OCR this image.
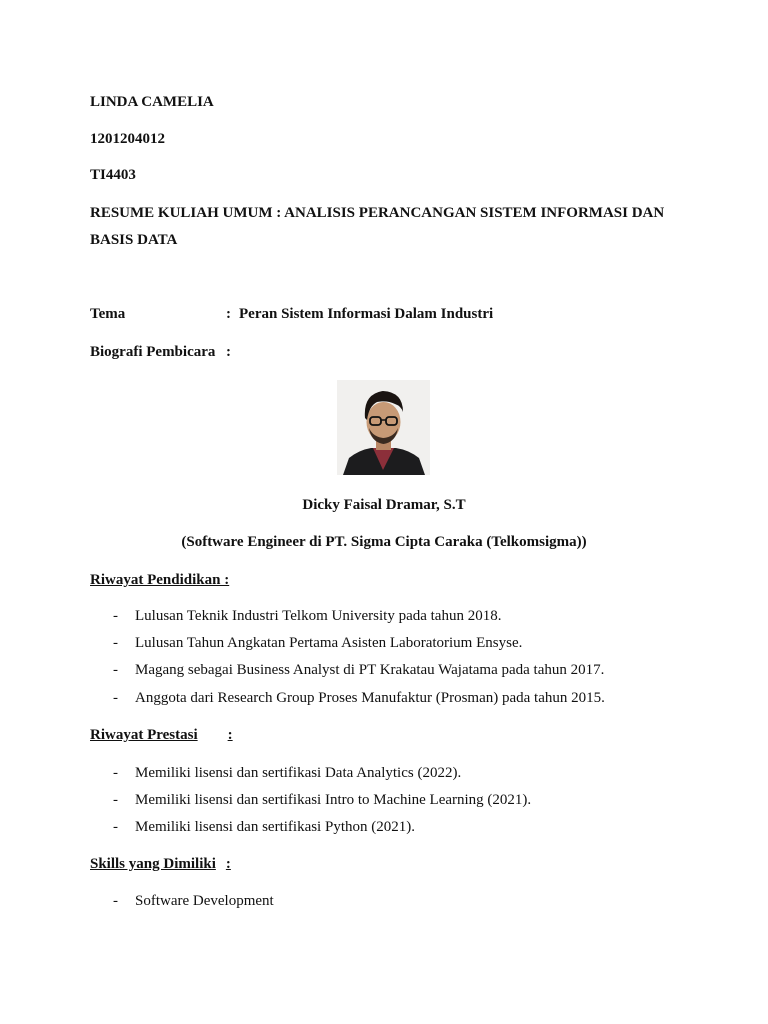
LINDA CAMELIA
1201204012
TI4403
RESUME KULIAH UMUM : ANALISIS PERANCANGAN SISTEM INFORMASI DAN
BASIS DATA
Tema	: Peran Sistem Informasi Dalam Industri
Biografi Pembicara :
Dicky Faisal Dramar, S.T
(Software Engineer di PT. Sigma Cipta Caraka (Telkomsigma))
Riwayat Pendidikan :
- Lulusan Teknik Industri Telkom University pada tahun 2018.
- Lulusan Tahun Angkatan Pertama Asisten Laboratorium Ensyse.
- Magang sebagai Business Analyst di PT Krakatau Wajatama pada tahun 2017.
- Anggota dari Research Group Proses Manufaktur (Prosman) pada tahun 2015.
Riwayat Prestasi :
- Memiliki lisensi dan sertifikasi Data Analytics (2022).
- Memiliki lisensi dan sertifikasi Intro to Machine Learning (2021).
- Memiliki lisensi dan sertifikasi Python (2021).
Skills yang Dimiliki :
- Software Development
